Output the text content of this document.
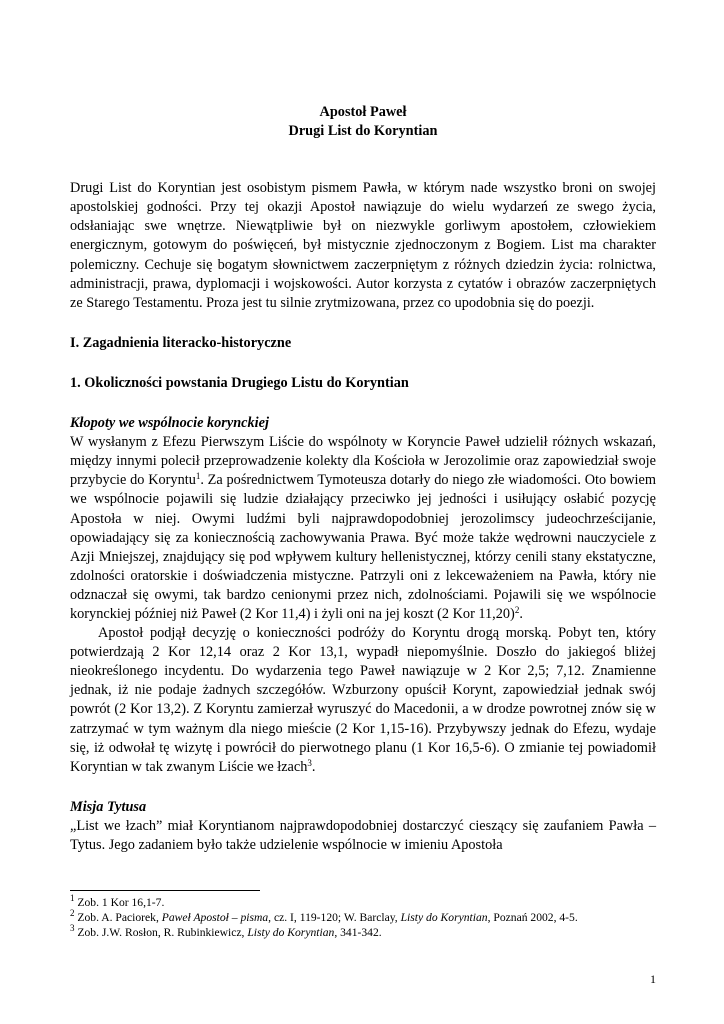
Apostoł Paweł

Drugi List do Koryntian

Drugi List do Koryntian jest osobistym pismem Pawła, w którym nade wszystko broni on swojej apostolskiej godności. Przy tej okazji Apostoł nawiązuje do wielu wydarzeń ze swego życia, odsłaniając swe wnętrze. Niewątpliwie był on niezwykle gorliwym apostołem, człowiekiem energicznym, gotowym do poświęceń, był mistycznie zjednoczonym z Bogiem. List ma charakter polemiczny. Cechuje się bogatym słownictwem zaczerpniętym z różnych dziedzin życia: rolnictwa, administracji, prawa, dyplomacji i wojskowości. Autor korzysta z cytatów i obrazów zaczerpniętych ze Starego Testamentu. Proza jest tu silnie zrytmizowana, przez co upodobnia się do poezji.

I. Zagadnienia literacko-historyczne

1. Okoliczności powstania Drugiego Listu do Koryntian

Kłopoty we wspólnocie korynckiej

W wysłanym z Efezu Pierwszym Liście do wspólnoty w Koryncie Paweł udzielił różnych wskazań, między innymi polecił przeprowadzenie kolekty dla Kościoła w Jerozolimie oraz zapowiedział swoje przybycie do Koryntu$^1$. Za pośrednictwem Tymoteusza dotarły do niego złe wiadomości. Oto bowiem we wspólnocie pojawili się ludzie działający przeciwko jej jedności i usiłujący osłabić pozycję Apostoła w niej. Owymi ludźmi byli najprawdopodobniej jerozolimscy judeochrześcijanie, opowiadający się za koniecznością zachowywania Prawa. Być może także wędrowni nauczyciele z Azji Mniejszej, znajdujący się pod wpływem kultury hellenistycznej, którzy cenili stany ekstatyczne, zdolności oratorskie i doświadczenia mistyczne. Patrzyli oni z lekceważeniem na Pawła, który nie odznaczał się owymi, tak bardzo cenionymi przez nich, zdolnościami. Pojawili się we wspólnocie korynckiej później niż Paweł (2 Kor 11,4) i żyli oni na jej koszt (2 Kor 11,20)$^2$.

Apostoł podjął decyzję o konieczności podróży do Koryntu drogą morską. Pobyt ten, który potwierdzają 2 Kor 12,14 oraz 2 Kor 13,1, wypadł niepomyślnie. Doszło do jakiegoś bliżej nieokreślonego incydentu. Do wydarzenia tego Paweł nawiązuje w 2 Kor 2,5; 7,12. Znamienne jednak, iż nie podaje żadnych szczegółów. Wzburzony opuścił Korynt, zapowiedział jednak swój powrót (2 Kor 13,2). Z Koryntu zamierzał wyruszyć do Macedonii, a w drodze powrotnej znów się w zatrzymać w tym ważnym dla niego mieście (2 Kor 1,15-16). Przybywszy jednak do Efezu, wydaje się, iż odwołał tę wizytę i powrócił do pierwotnego planu (1 Kor 16,5-6). O zmianie tej powiadomił Koryntian w tak zwanym Liście we łzach$^3$.

Misja Tytusa

„List we łzach” miał Koryntianom najprawdopodobniej dostarczyć cieszący się zaufaniem Pawła – Tytus. Jego zadaniem było także udzielenie wspólnocie w imieniu Apostoła

$^1$ Zob. 1 Kor 16,1-7.

$^2$ Zob. A. Paciorek, Paweł Apostoł – pisma, cz. I, 119-120; W. Barclay, Listy do Koryntian, Poznań 2002, 4-5.

$^3$ Zob. J.W. Rosłon, R. Rubinkiewicz, Listy do Koryntian, 341-342.

1
